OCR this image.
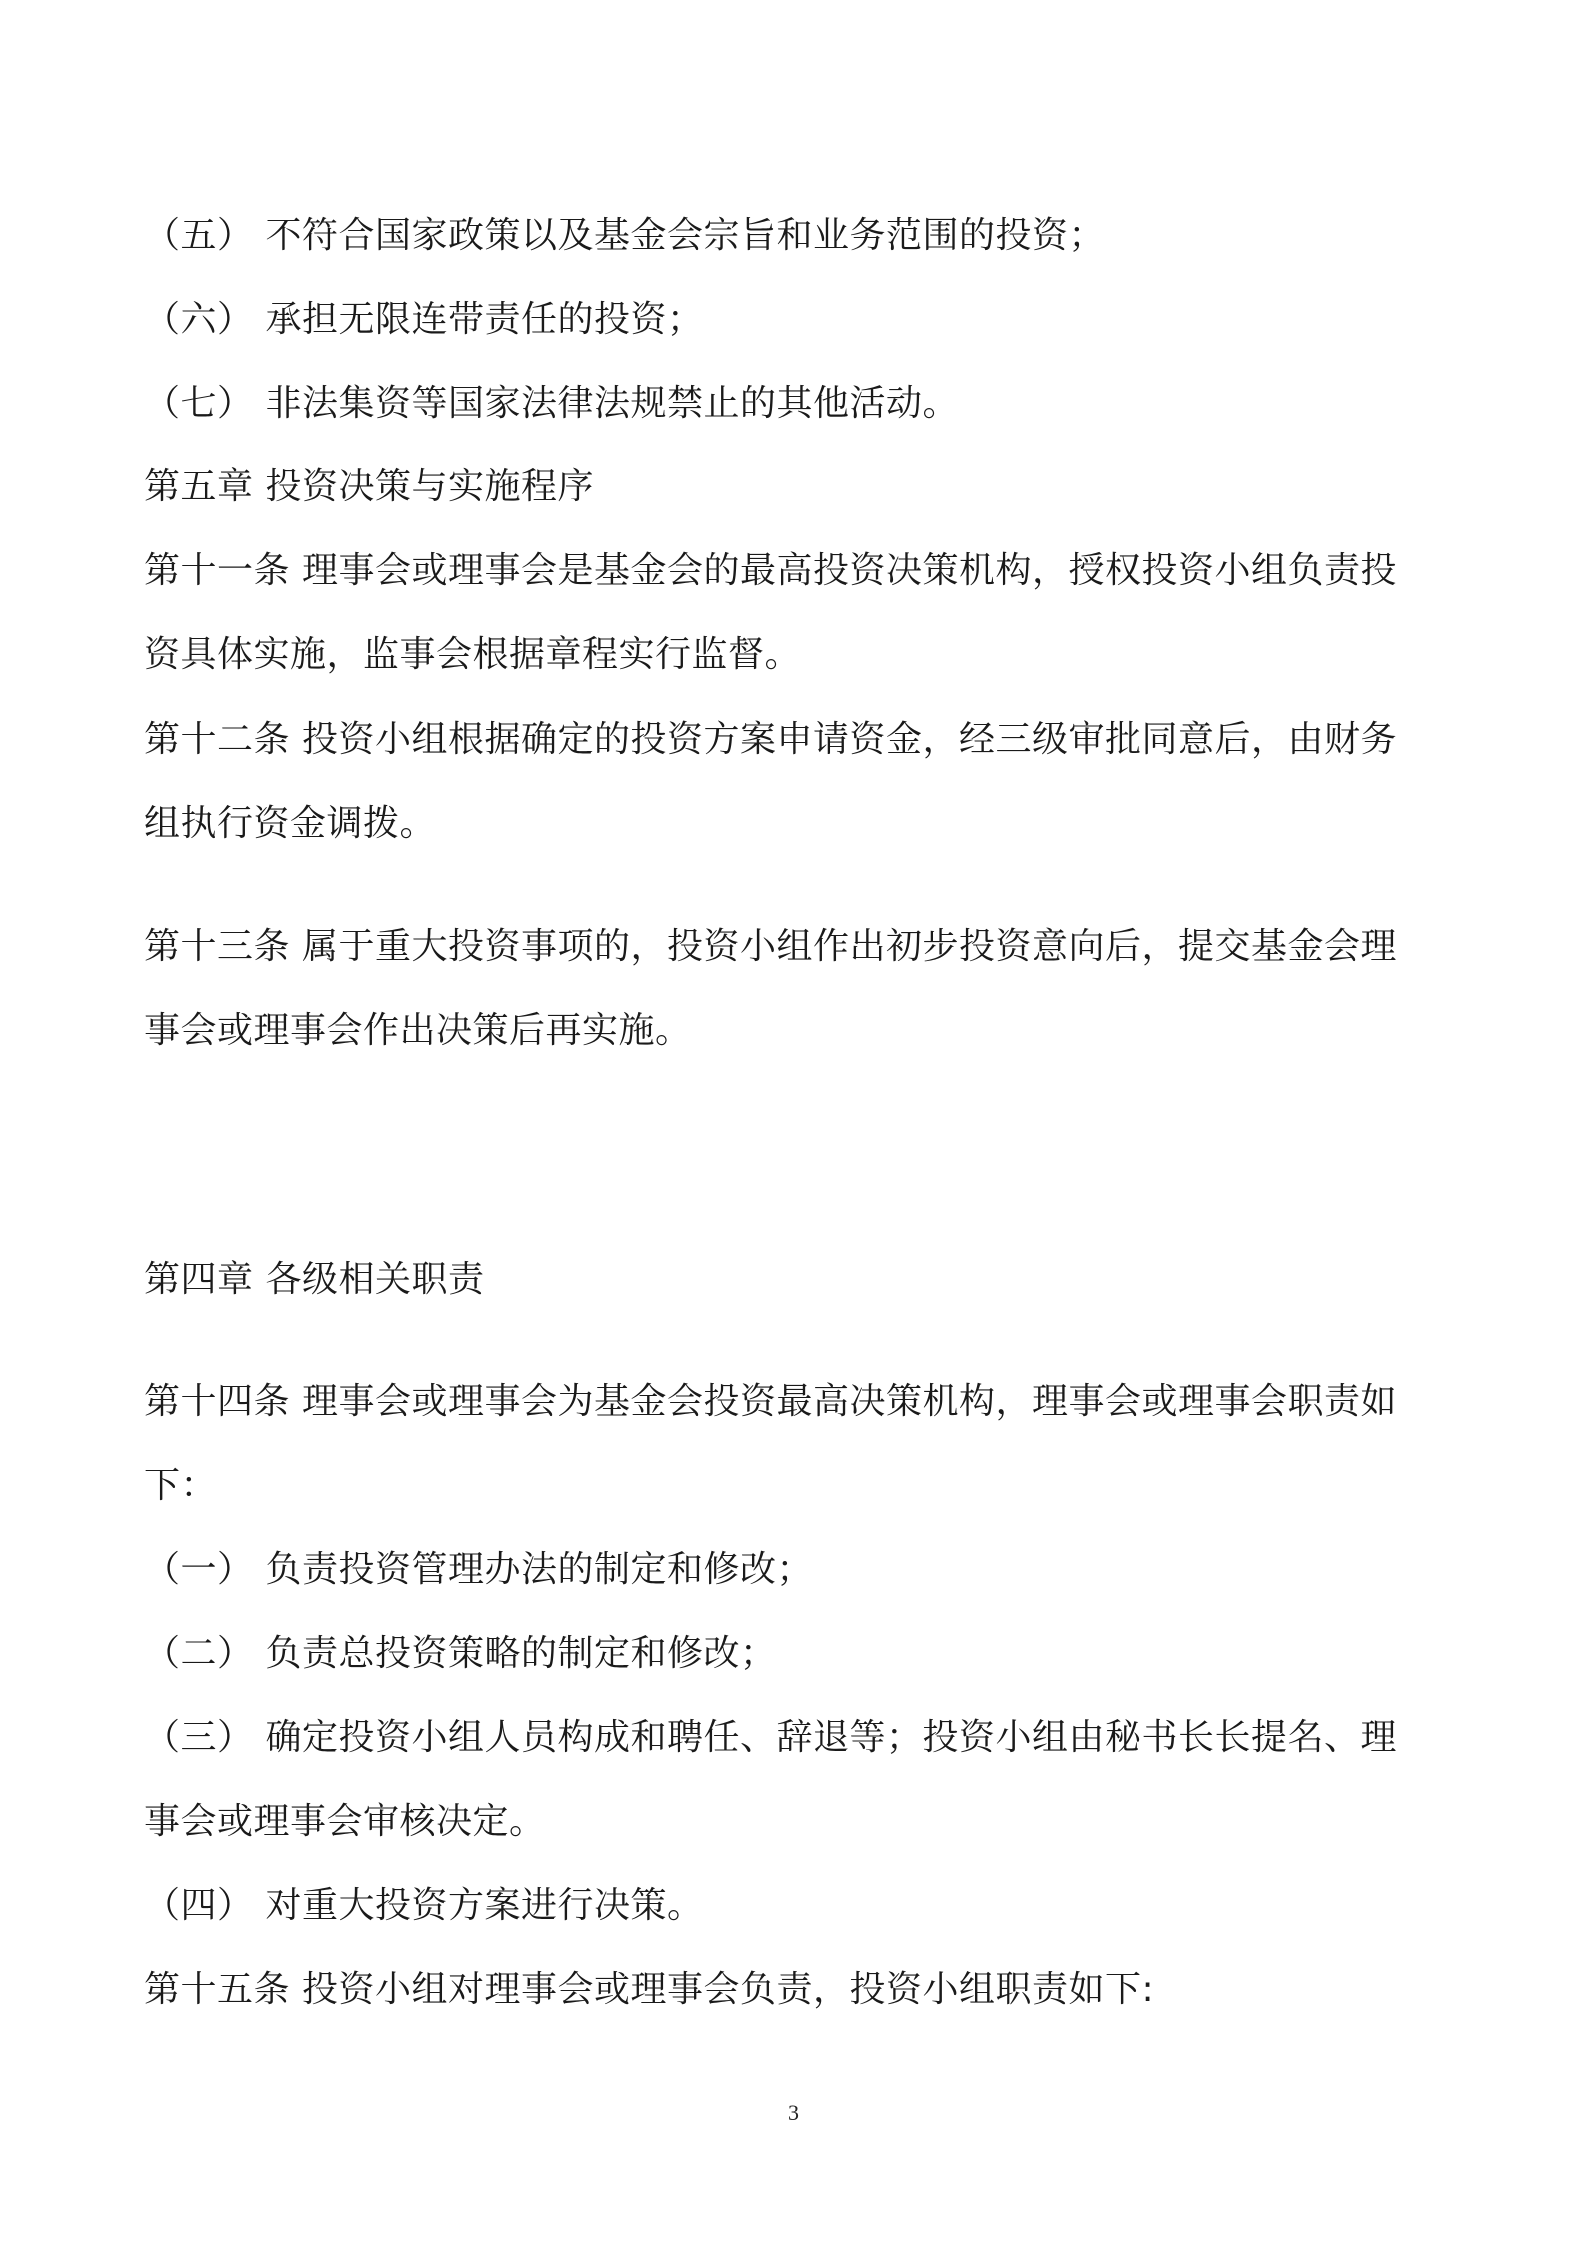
（五） 不符合国家政策以及基金会宗旨和业务范围的投资；
（六） 承担无限连带责任的投资；
（七） 非法集资等国家法律法规禁止的其他活动。
第五章 投资决策与实施程序
第十一条 理事会或理事会是基金会的最高投资决策机构，授权投资小组负责投
资具体实施，监事会根据章程实行监督。
第十二条 投资小组根据确定的投资方案申请资金，经三级审批同意后，由财务
组执行资金调拨。
第十三条 属于重大投资事项的，投资小组作出初步投资意向后，提交基金会理
事会或理事会作出决策后再实施。
第四章 各级相关职责
第十四条 理事会或理事会为基金会投资最高决策机构，理事会或理事会职责如
下：
（一） 负责投资管理办法的制定和修改；
（二） 负责总投资策略的制定和修改；
（三） 确定投资小组人员构成和聘任、辞退等；投资小组由秘书长长提名、理
事会或理事会审核决定。
（四） 对重大投资方案进行决策。
第十五条 投资小组对理事会或理事会负责，投资小组职责如下:
3
